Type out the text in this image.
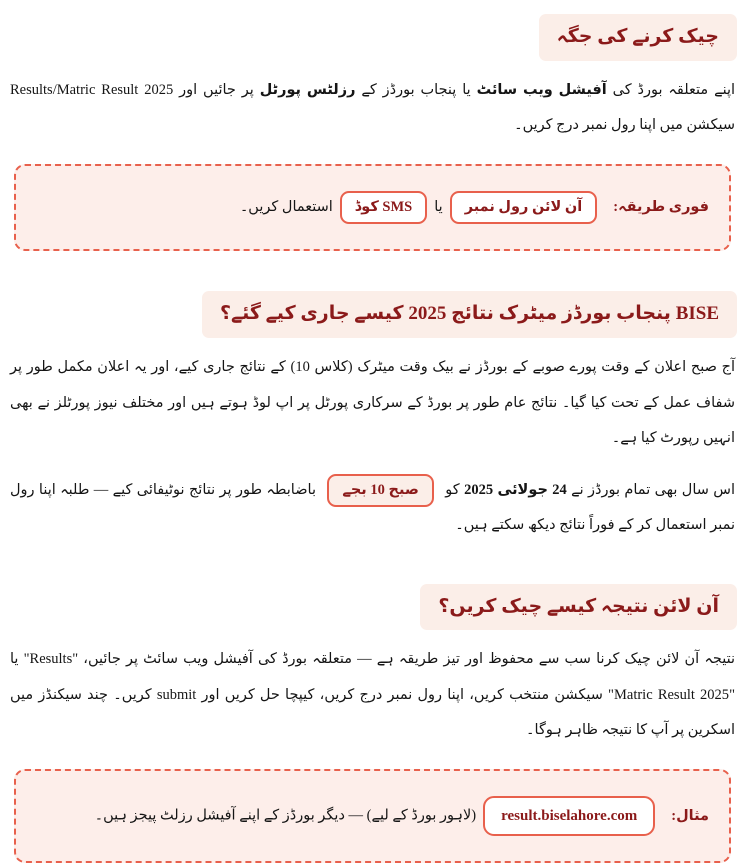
چیک کرنے کی جگہ

اپنے متعلقہ بورڈ کی آفیشل ویب سائٹ یا پنجاب بورڈز کے رزلٹس پورٹل پر جائیں اور Results/Matric Result 2025 سیکشن میں اپنا رول نمبر درج کریں۔

فوری طریقہ:آن لائن رول نمبریاSMS کوڈاستعمال کریں۔
BISE پنجاب بورڈز میٹرک نتائج 2025 کیسے جاری کیے گئے؟

آج صبح اعلان کے وقت پورے صوبے کے بورڈز نے بیک وقت میٹرک (کلاس 10) کے نتائج جاری کیے، اور یہ اعلان مکمل طور پر شفاف عمل کے تحت کیا گیا۔ نتائج عام طور پر بورڈ کے سرکاری پورٹل پر اپ لوڈ ہوتے ہیں اور مختلف نیوز پورٹلز نے بھی انہیں رپورٹ کیا ہے۔

اس سال بھی تمام بورڈز نے 24 جولائی 2025 کو صبح 10 بجے باضابطہ طور پر نتائج نوٹیفائی کیے — طلبہ اپنا رول نمبر استعمال کر کے فوراً نتائج دیکھ سکتے ہیں۔

آن لائن نتیجہ کیسے چیک کریں؟

نتیجہ آن لائن چیک کرنا سب سے محفوظ اور تیز طریقہ ہے — متعلقہ بورڈ کی آفیشل ویب سائٹ پر جائیں، "Results" یا "Matric Result 2025" سیکشن منتخب کریں، اپنا رول نمبر درج کریں، کیپچا حل کریں اور submit کریں۔ چند سیکنڈز میں اسکرین پر آپ کا نتیجہ ظاہر ہوگا۔

مثال:result.biselahore.com(لاہور بورڈ کے لیے) — دیگر بورڈز کے اپنے آفیشل رزلٹ پیجز ہیں۔
